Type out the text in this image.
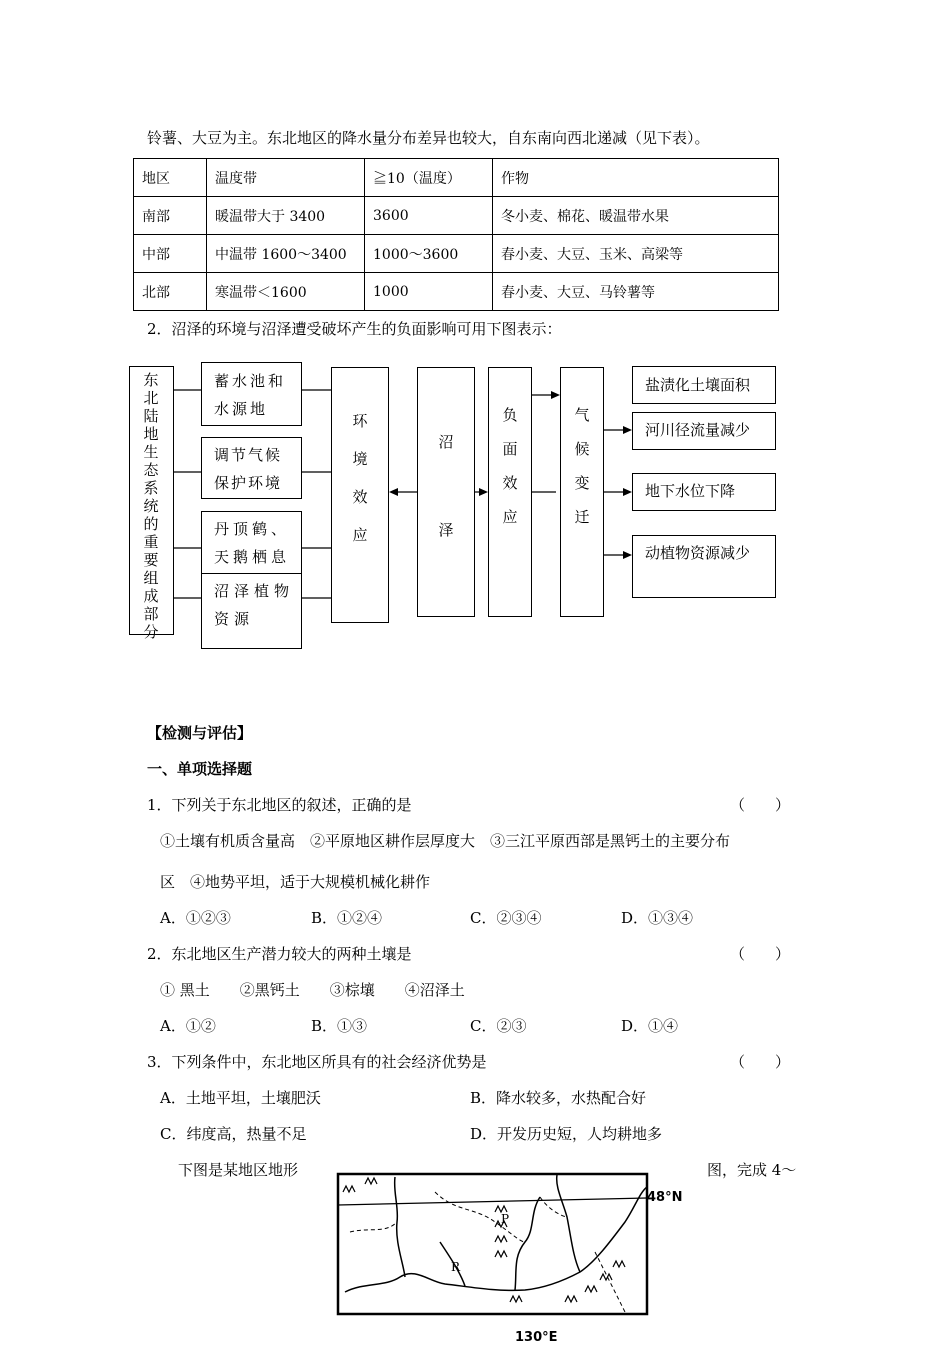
铃薯、大豆为主。东北地区的降水量分布差异也较大，自东南向西北递减（见下表）。
地区	温度带	≧10（温度）	作物
南部	暖温带大于 3400	3600	冬小麦、棉花、暖温带水果
中部	中温带 1600～3400	1000～3600	春小麦、大豆、玉米、高梁等
北部	寒温带＜1600	1000	春小麦、大豆、马铃薯等
2．沼泽的环境与沼泽遭受破坏产生的负面影响可用下图表示：
东北陆地生态系统的重要组成部分
蓄水池和水源地
调节气候保护环境
丹顶鹤、天鹅栖息
沼泽植物资源
环境效应
沼泽
负面效应
气候变迁
盐渍化土壤面积
河川径流量减少
地下水位下降
动植物资源减少
【检测与评估】
一、单项选择题
1．下列关于东北地区的叙述，正确的是	（　　）
①土壤有机质含量高　②平原地区耕作层厚度大　③三江平原西部是黑钙土的主要分布
区　④地势平坦，适于大规模机械化耕作
A．①②③	B．①②④	C．②③④	D．①③④
2．东北地区生产潜力较大的两种土壤是	（　　）
① 黑土　　②黑钙土　　③棕壤　　④沼泽土
A．①②	B．①③	C．②③	D．①④
3．下列条件中，东北地区所具有的社会经济优势是	（　　）
A．土地平坦，土壤肥沃	B．降水较多，水热配合好
C．纬度高，热量不足	D．开发历史短，人均耕地多
下图是某地区地形	图，完成 4～
48°N
130°E
P
R
